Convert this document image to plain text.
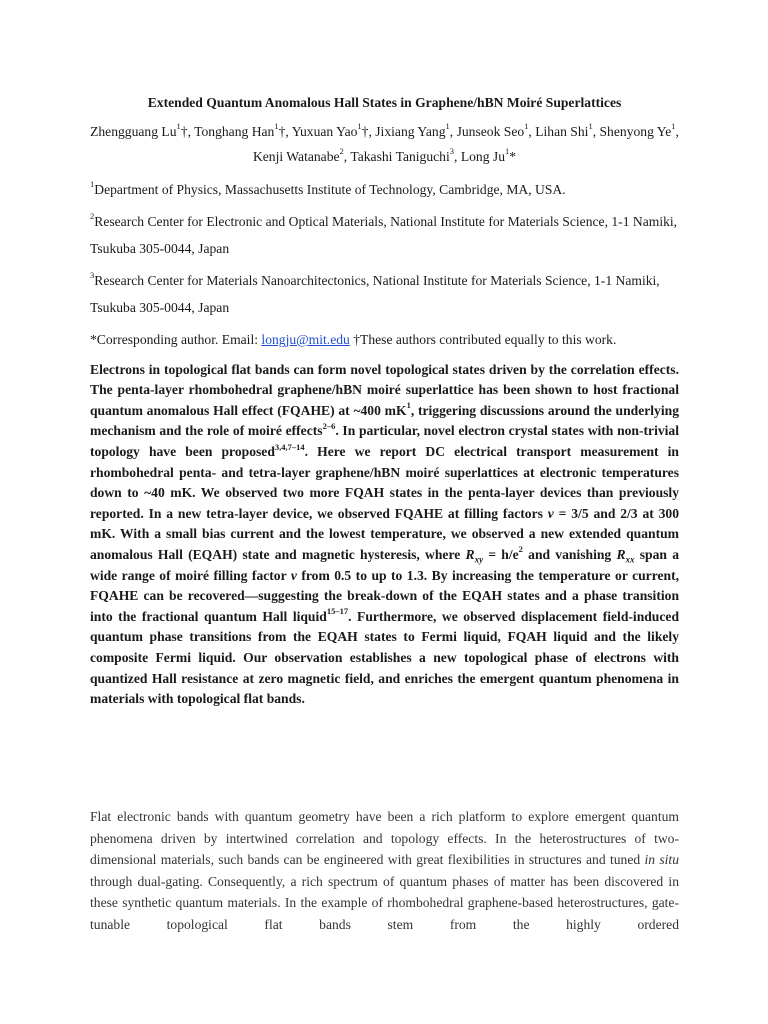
Extended Quantum Anomalous Hall States in Graphene/hBN Moiré Superlattices

Zhengguang Lu$^1$†, Tonghang Han$^1$†, Yuxuan Yao$^1$†, Jixiang Yang$^1$, Junseok Seo$^1$, Lihan Shi$^1$, Shenyong Ye$^1$, Kenji Watanabe$^2$, Takashi Taniguchi$^3$, Long Ju$^1$*

$^1$Department of Physics, Massachusetts Institute of Technology, Cambridge, MA, USA.

$^2$Research Center for Electronic and Optical Materials, National Institute for Materials Science, 1-1 Namiki, Tsukuba 305-0044, Japan

$^3$Research Center for Materials Nanoarchitectonics, National Institute for Materials Science, 1-1 Namiki, Tsukuba 305-0044, Japan

*Corresponding author. Email: longju@mit.edu †These authors contributed equally to this work.

Electrons in topological flat bands can form novel topological states driven by the correlation effects. The penta-layer rhombohedral graphene/hBN moiré superlattice has been shown to host fractional quantum anomalous Hall effect (FQAHE) at ~400 $mK^1$, triggering discussions around the underlying mechanism and the role of moiré effects$^{2-6}$. In particular, novel electron crystal states with non-trivial topology have been proposed$^{3,4,7-14}$. Here we report DC electrical transport measurement in rhombohedral penta- and tetra-layer graphene/hBN moiré superlattices at electronic temperatures down to ~40 mK. We observed two more FQAH states in the penta-layer devices than previously reported. In a new tetra-layer device, we observed FQAHE at filling factors v = 3/5 and 2/3 at 300 mK. With a small bias current and the lowest temperature, we observed a new extended quantum anomalous Hall (EQAH) state and magnetic hysteresis, where $R_{xy} = h/e^2$ and vanishing $R_{xx}$ span a wide range of moiré filling factor v from 0.5 to up to 1.3. By increasing the temperature or current, FQAHE can be recovered––suggesting the break-down of the EQAH states and a phase transition into the fractional quantum Hall liquid$^{15-17}$. Furthermore, we observed displacement field-induced quantum phase transitions from the EQAH states to Fermi liquid, FQAH liquid and the likely composite Fermi liquid. Our observation establishes a new topological phase of electrons with quantized Hall resistance at zero magnetic field, and enriches the emergent quantum phenomena in materials with topological flat bands.

Flat electronic bands with quantum geometry have been a rich platform to explore emergent quantum phenomena driven by intertwined correlation and topology effects. In the heterostructures of two-dimensional materials, such bands can be engineered with great flexibilities in structures and tuned in situ through dual-gating. Consequently, a rich spectrum of quantum phases of matter has been discovered in these synthetic quantum materials. In the example of rhombohedral graphene-based heterostructures, gate-tunable topological flat bands stem from the highly ordered
